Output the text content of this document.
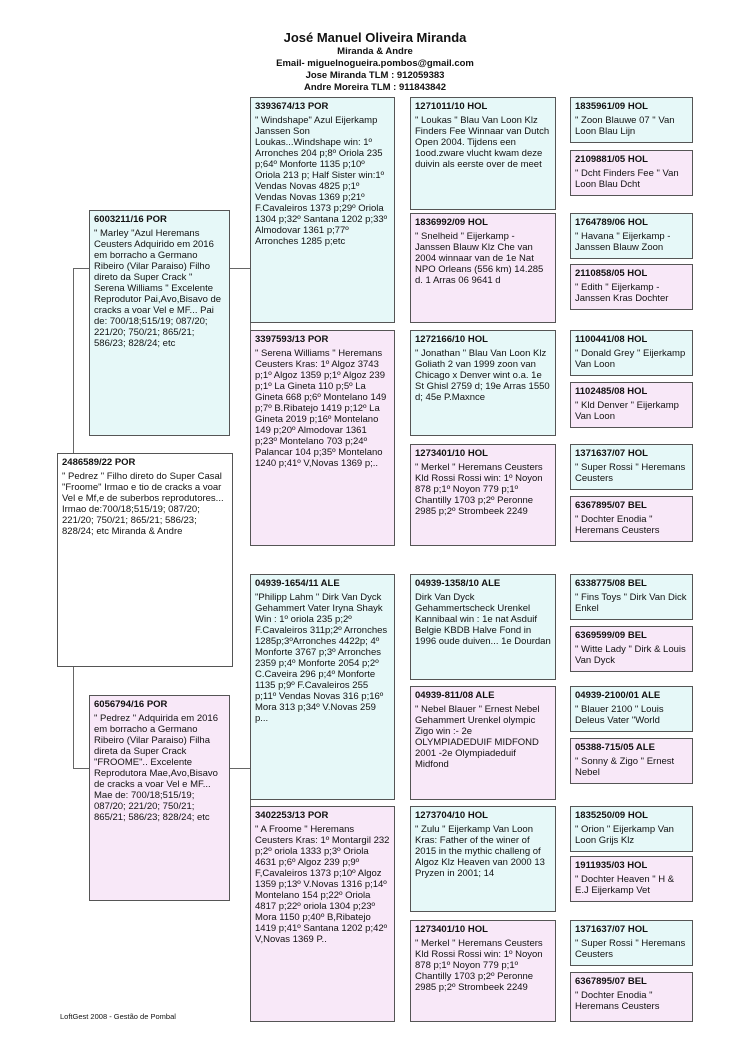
José Manuel Oliveira Miranda
Miranda & Andre
Email- miguelnogueira.pombos@gmail.com
Jose Miranda TLM : 912059383
Andre Moreira TLM : 911843842
2486589/22 POR
" Pedrez " Filho direto do Super Casal "Froome" Irmao e tio de cracks a voar Vel e Mf,e de suberbos reprodutores... Irmao de:700/18;515/19; 087/20; 221/20; 750/21; 865/21; 586/23; 828/24; etc Miranda & Andre
6003211/16 POR
" Marley "Azul Heremans Ceusters Adquirido em 2016 em borracho a Germano Ribeiro (Vilar Paraiso) Filho direto da Super Crack " Serena Williams " Excelente Reprodutor Pai,Avo,Bisavo de cracks a voar Vel e MF... Pai de: 700/18;515/19; 087/20; 221/20; 750/21; 865/21; 586/23; 828/24; etc
6056794/16 POR
" Pedrez " Adquirida em 2016 em borracho a Germano Ribeiro (Vilar Paraiso) Filha direta da Super Crack "FROOME".. Excelente Reprodutora Mae,Avo,Bisavo de cracks a voar Vel e MF... Mae de: 700/18;515/19; 087/20; 221/20; 750/21; 865/21; 586/23; 828/24; etc
3393674/13 POR
" Windshape" Azul Eijerkamp Janssen Son Loukas...Windshape win: 1º Arronches 204 p;8º Oriola 235 p;64º Monforte 1135 p;10º Oriola 213 p; Half Sister win:1º Vendas Novas 4825 p;1º Vendas Novas 1369 p;21º F.Cavaleiros 1373 p;29º Oriola 1304 p;32º Santana 1202 p;33º Almodovar 1361 p;77º Arronches 1285 p;etc
3397593/13 POR
" Serena Williams " Heremans Ceusters Kras: 1º Algoz 3743 p;1º Algoz 1359 p;1º Algoz 239 p;1º La Gineta 110 p;5º La Gineta 668 p;6º Montelano 149 p;7º B.Ribatejo 1419 p;12º La Gineta 2019 p;16º Montelano 149 p;20º Almodovar 1361 p;23º Montelano 703 p;24º Palancar 104 p;35º Montelano 1240 p;41º V,Novas 1369 p;..
04939-1654/11 ALE
"Philipp Lahm " Dirk Van Dyck Gehammert Vater Iryna Shayk Win : 1º oriola 235 p;2º F.Cavaleiros 311p;2º Arronches 1285p;3ºArronches 4422p; 4º Monforte 3767 p;3º Arronches 2359 p;4º Monforte 2054 p;2º C.Caveira 296 p;4º Monforte 1135 p;9º F.Cavaleiros 255 p;11º Vendas Novas 316 p;16º Mora 313 p;34º V.Novas 259 p...
3402253/13 POR
" A Froome " Heremans Ceusters Kras: 1º Montargil 232 p;2º oriola 1333 p;3º Oriola 4631 p;6º Algoz 239 p;9º F,Cavaleiros 1373 p;10º Algoz 1359 p;13º V.Novas 1316 p;14º Montelano 154 p;22º Oriola 4817 p;22º oriola 1304 p;23º Mora 1150 p;40º B,Ribatejo 1419 p;41º Santana 1202 p;42º V,Novas 1369 P..
1271011/10 HOL
" Loukas " Blau Van Loon Klz Finders Fee Winnaar van Dutch Open 2004. Tijdens een 1ood.zware vlucht kwam deze duivin als eerste over de meet
1836992/09 HOL
" Snelheid " Eijerkamp - Janssen Blauw Klz Che van 2004 winnaar van de 1e Nat NPO Orleans (556 km) 14.285 d. 1 Arras 06 9641 d
1272166/10 HOL
" Jonathan " Blau Van Loon Klz Goliath 2 van 1999 zoon van Chicago x Denver wint o.a. 1e St Ghisl 2759 d; 19e Arras 1550 d; 45e P.Maxnce
1273401/10 HOL
" Merkel " Heremans Ceusters Kld Rossi Rossi win: 1º Noyon 878 p;1º Noyon 779 p;1º Chantilly 1703 p;2º Peronne 2985 p;2º Strombeek 2249
04939-1358/10 ALE
Dirk Van Dyck Gehammertscheck Urenkel Kannibaal win : 1e nat Asduif Belgie KBDB Halve Fond in 1996 oude duiven... 1e Dourdan
04939-811/08 ALE
" Nebel Blauer " Ernest Nebel Gehammert Urenkel olympic Zigo win :- 2e OLYMPIADEDUIF MIDFOND 2001 -2e Olympiadeduif Midfond
1273704/10 HOL
" Zulu " Eijerkamp Van Loon Kras: Father of the winer of 2015 in the mythic challeng of Algoz Klz Heaven van 2000 13 Pryzen in 2001; 14
1273401/10 HOL
" Merkel " Heremans Ceusters Kld Rossi Rossi win: 1º Noyon 878 p;1º Noyon 779 p;1º Chantilly 1703 p;2º Peronne 2985 p;2º Strombeek 2249
1835961/09 HOL
" Zoon Blauwe 07 " Van Loon Blau Lijn
2109881/05 HOL
" Dcht Finders Fee " Van Loon Blau Dcht
1764789/06 HOL
" Havana " Eijerkamp - Janssen Blauw Zoon
2110858/05 HOL
" Edith " Eijerkamp - Janssen Kras Dochter
1100441/08 HOL
" Donald Grey " Eijerkamp Van Loon
1102485/08 HOL
" Kld Denver " Eijerkamp Van Loon
1371637/07 HOL
" Super Rossi " Heremans Ceusters
6367895/07 BEL
" Dochter Enodia " Heremans Ceusters
6338775/08 BEL
" Fins Toys " Dirk Van Dick Enkel
6369599/09 BEL
" Witte Lady " Dirk & Louis Van Dyck
04939-2100/01 ALE
" Blauer 2100 " Louis Deleus Vater "World
05388-715/05 ALE
" Sonny & Zigo " Ernest Nebel
1835250/09 HOL
" Orion " Eijerkamp Van Loon Grijs Klz
1911935/03 HOL
" Dochter Heaven " H & E.J Eijerkamp Vet
1371637/07 HOL
" Super Rossi " Heremans Ceusters
6367895/07 BEL
" Dochter Enodia " Heremans Ceusters
LoftGest 2008 - Gestão de Pombal
